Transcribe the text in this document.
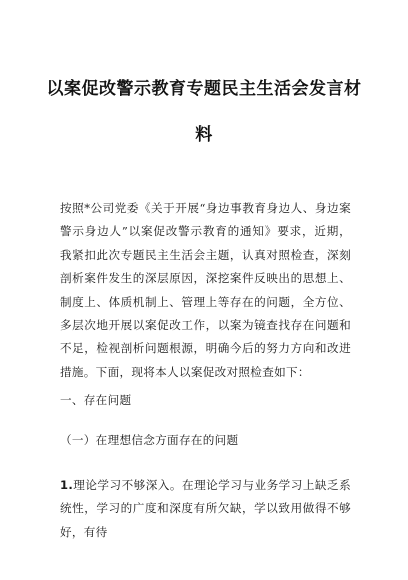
以案促改警示教育专题民主生活会发言材
料

按照*公司党委《关于开展“身边事教育身边人、身边案警示身边人”以案促改警示教育的通知》要求，近期，我紧扣此次专题民主生活会主题，认真对照检查，深刻剖析案件发生的深层原因，深挖案件反映出的思想上、制度上、体质机制上、管理上等存在的问题，全方位、多层次地开展以案促改工作，以案为镜查找存在问题和不足，检视剖析问题根源，明确今后的努力方向和改进措施。下面，现将本人以案促改对照检查如下：

一、存在问题

（一）在理想信念方面存在的问题

1.理论学习不够深入。在理论学习与业务学习上缺乏系统性，学习的广度和深度有所欠缺，学以致用做得不够好，有待
